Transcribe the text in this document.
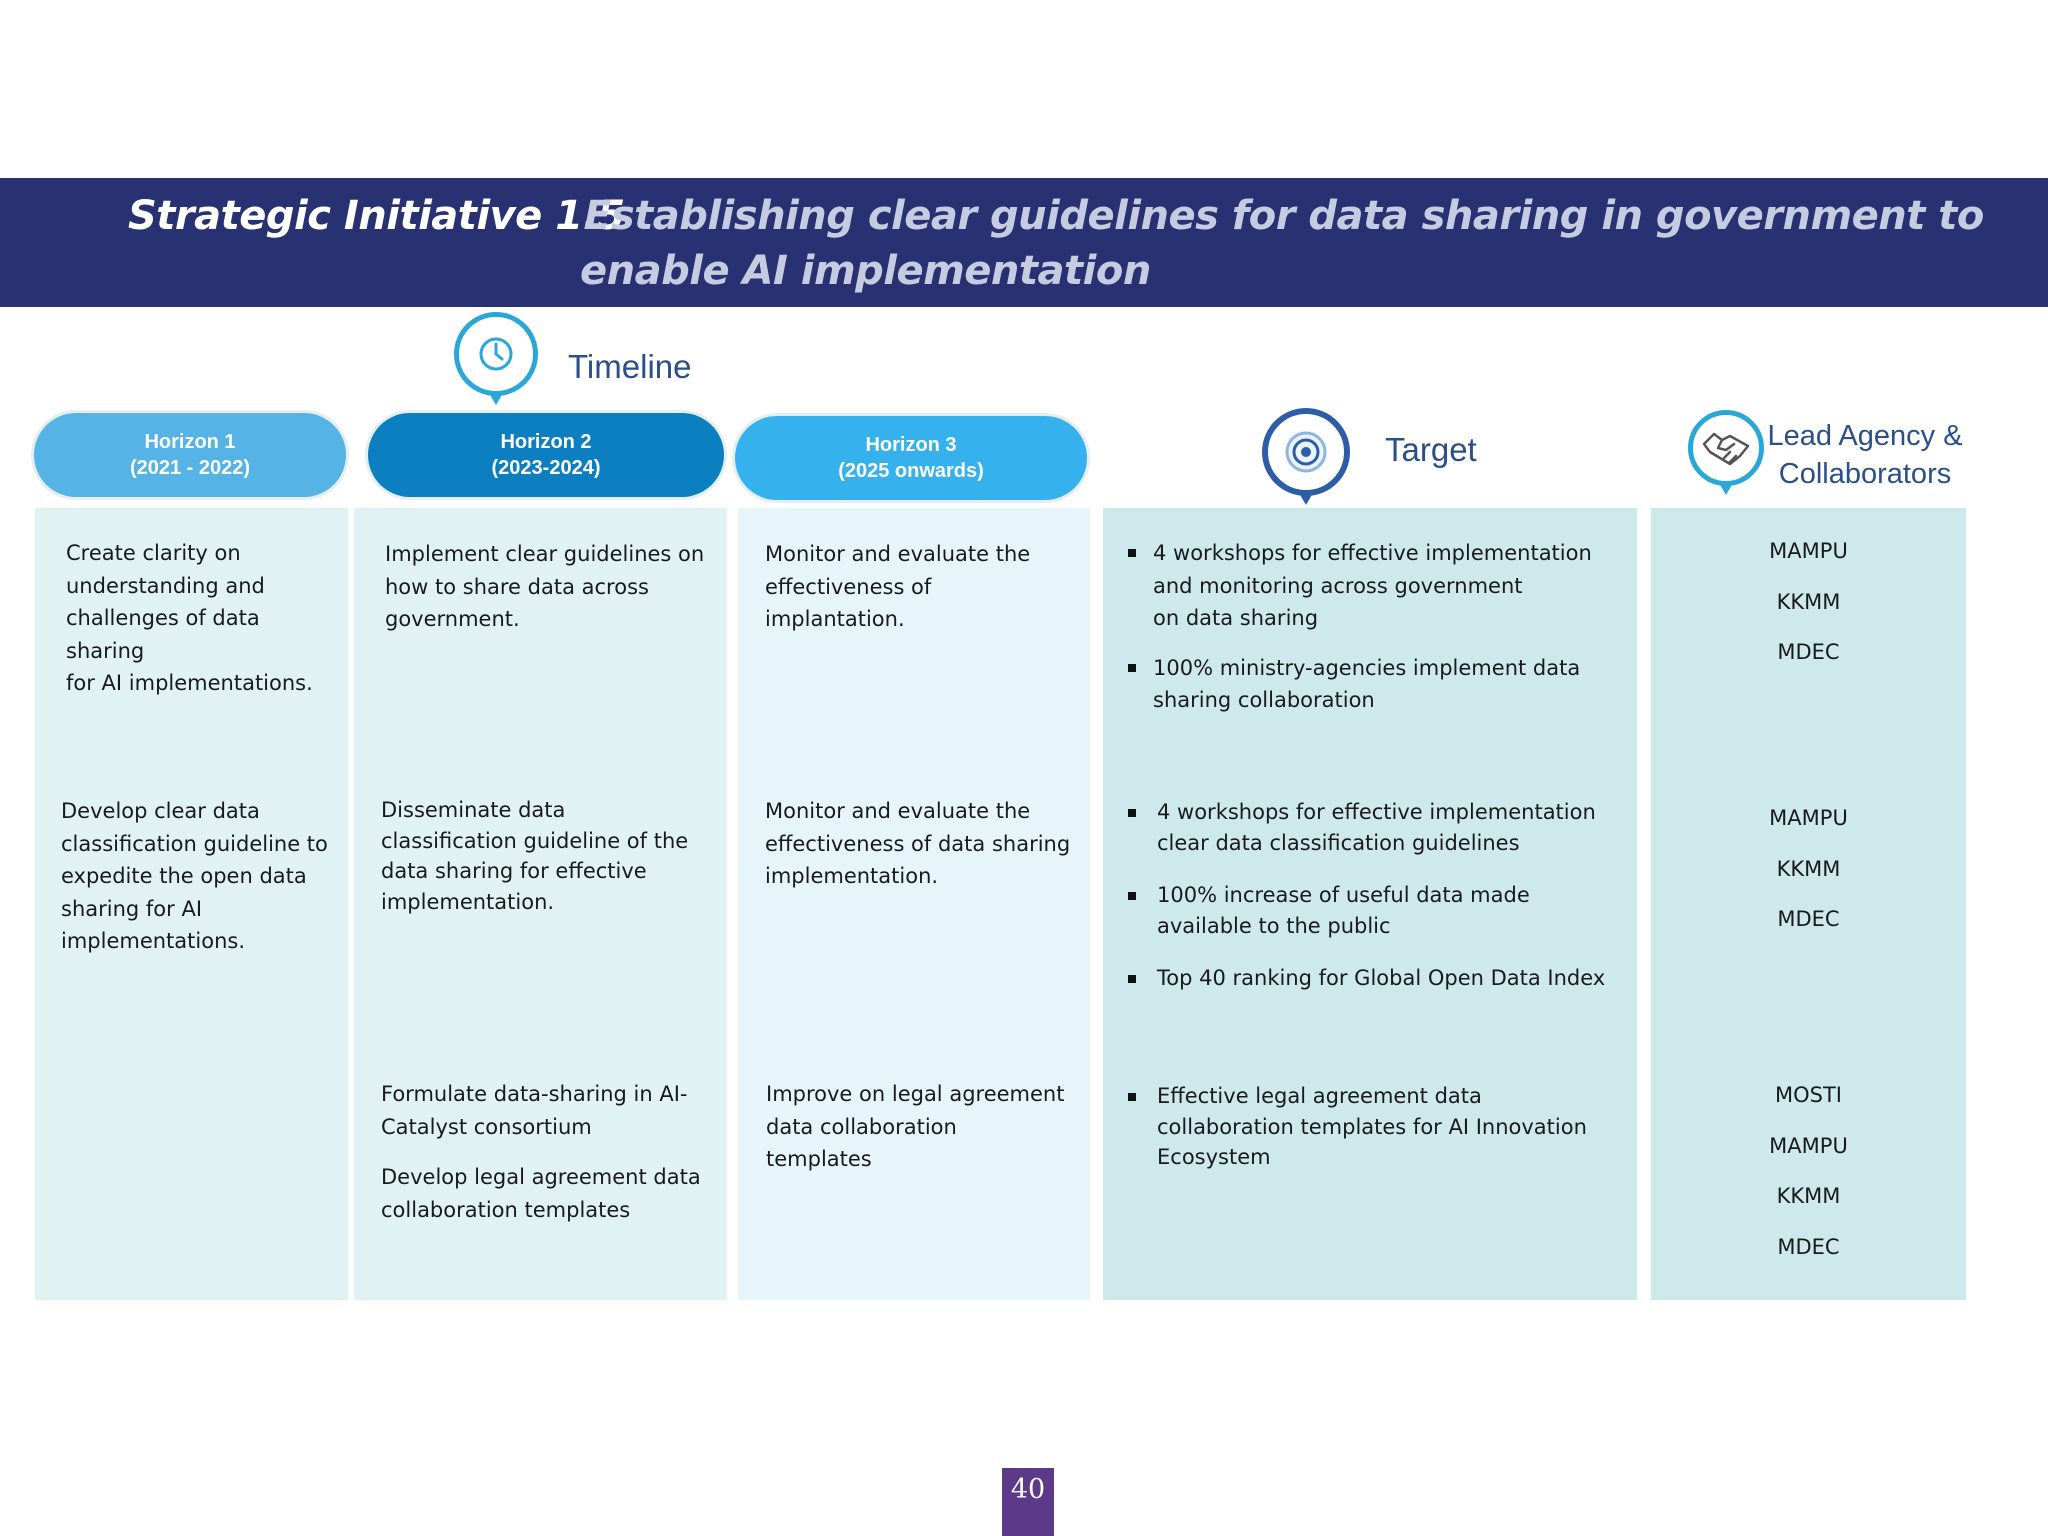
Strategic Initiative 1.5
Establishing clear guidelines for data sharing in government to
enable AI implementation
Timeline
Horizon 1
(2021 - 2022)
Horizon 2
(2023-2024)
Horizon 3
(2025 onwards)
Target	Lead Agency &
Collaborators

Create clarity on

understanding and

challenges of data

sharing

for AI implementations.

Implement clear guidelines on

how to share data across

government.

Monitor and evaluate the

effectiveness of

implantation.

4 workshops for effective implementation

and monitoring across government

on data sharing

100% ministry-agencies implement data

sharing collaboration

MAMPU
KKMM
MDEC

Develop clear data

classification guideline to

expedite the open data

sharing for AI

implementations.

Disseminate data

classification guideline of the

data sharing for effective

implementation.

Monitor and evaluate the

effectiveness of data sharing

implementation.

4 workshops for effective implementation

clear data classification guidelines

100% increase of useful data made

available to the public

Top 40 ranking for Global Open Data Index

MAMPU
KKMM
MDEC

Formulate data-sharing in AI-

Catalyst consortium

Develop legal agreement data

collaboration templates

Improve on legal agreement

data collaboration

templates

Effective legal agreement data

collaboration templates for AI Innovation

Ecosystem

MOSTI
MAMPU
KKMM
MDEC
40
